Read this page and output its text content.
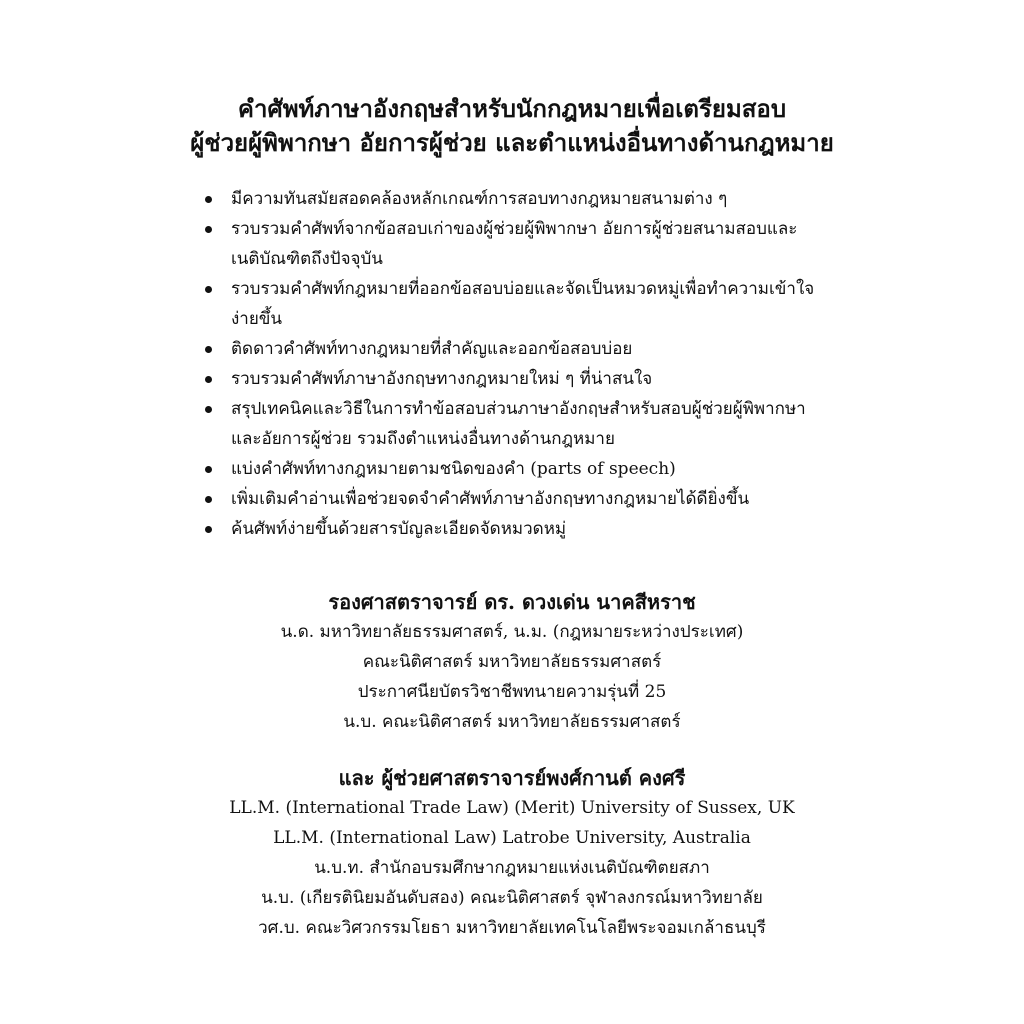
คำศัพท์ภาษาอังกฤษสำหรับนักกฎหมายเพื่อเตรียมสอบ
ผู้ช่วยผู้พิพากษา อัยการผู้ช่วย และตำแหน่งอื่นทางด้านกฎหมาย
มีความทันสมัยสอดคล้องหลักเกณฑ์การสอบทางกฎหมายสนามต่าง ๆ
รวบรวมคำศัพท์จากข้อสอบเก่าของผู้ช่วยผู้พิพากษา อัยการผู้ช่วยสนามสอบและ
เนติบัณฑิตถึงปัจจุบัน
รวบรวมคำศัพท์กฎหมายที่ออกข้อสอบบ่อยและจัดเป็นหมวดหมู่เพื่อทำความเข้าใจ
ง่ายขึ้น
ติดดาวคำศัพท์ทางกฎหมายที่สำคัญและออกข้อสอบบ่อย
รวบรวมคำศัพท์ภาษาอังกฤษทางกฎหมายใหม่ ๆ ที่น่าสนใจ
สรุปเทคนิคและวิธีในการทำข้อสอบส่วนภาษาอังกฤษสำหรับสอบผู้ช่วยผู้พิพากษา
และอัยการผู้ช่วย รวมถึงตำแหน่งอื่นทางด้านกฎหมาย
แบ่งคำศัพท์ทางกฎหมายตามชนิดของคำ (parts of speech)
เพิ่มเติมคำอ่านเพื่อช่วยจดจำคำศัพท์ภาษาอังกฤษทางกฎหมายได้ดียิ่งขึ้น
ค้นศัพท์ง่ายขึ้นด้วยสารบัญละเอียดจัดหมวดหมู่
รองศาสตราจารย์ ดร. ดวงเด่น นาคสีหราช
น.ด. มหาวิทยาลัยธรรมศาสตร์, น.ม. (กฎหมายระหว่างประเทศ)
คณะนิติศาสตร์ มหาวิทยาลัยธรรมศาสตร์
ประกาศนียบัตรวิชาชีพทนายความรุ่นที่ 25
น.บ. คณะนิติศาสตร์ มหาวิทยาลัยธรรมศาสตร์
และ ผู้ช่วยศาสตราจารย์พงศ์กานต์ คงศรี
LL.M. (International Trade Law) (Merit) University of Sussex, UK
LL.M. (International Law) Latrobe University, Australia
น.บ.ท. สำนักอบรมศึกษากฎหมายแห่งเนติบัณฑิตยสภา
น.บ. (เกียรตินิยมอันดับสอง) คณะนิติศาสตร์ จุฬาลงกรณ์มหาวิทยาลัย
วศ.บ. คณะวิศวกรรมโยธา มหาวิทยาลัยเทคโนโลยีพระจอมเกล้าธนบุรี
